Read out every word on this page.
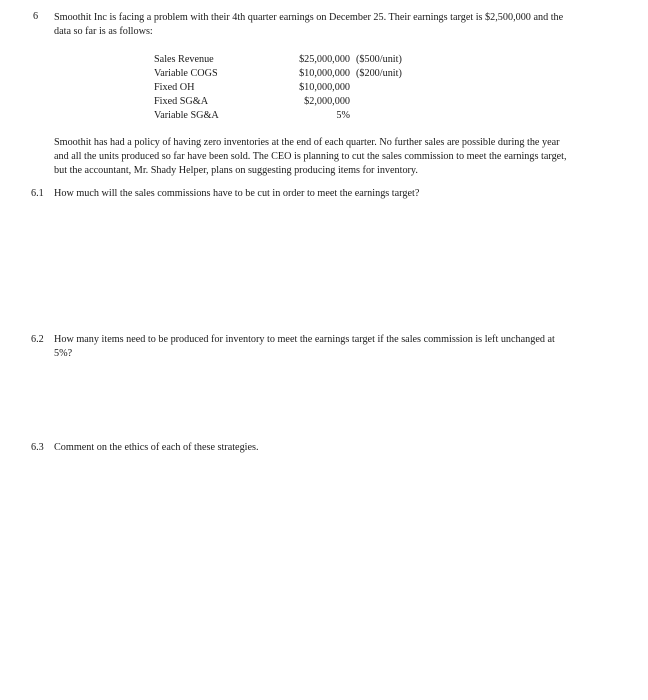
6 Smoothit Inc is facing a problem with their 4th quarter earnings on December 25. Their earnings target is $2,500,000 and the
data so far is as follows:
Sales Revenue	$25,000,000	($500/unit)
Variable COGS	$10,000,000	($200/unit)
Fixed OH	$10,000,000	
Fixed SG&A	$2,000,000	
Variable SG&A	5%	
Smoothit has had a policy of having zero inventories at the end of each quarter. No further sales are possible during the year
and all the units produced so far have been sold. The CEO is planning to cut the sales commission to meet the earnings target,
but the accountant, Mr. Shady Helper, plans on suggesting producing items for inventory.
6.1 How much will the sales commissions have to be cut in order to meet the earnings target?
6.2 How many items need to be produced for inventory to meet the earnings target if the sales commission is left unchanged at
5%?
6.3 Comment on the ethics of each of these strategies.
